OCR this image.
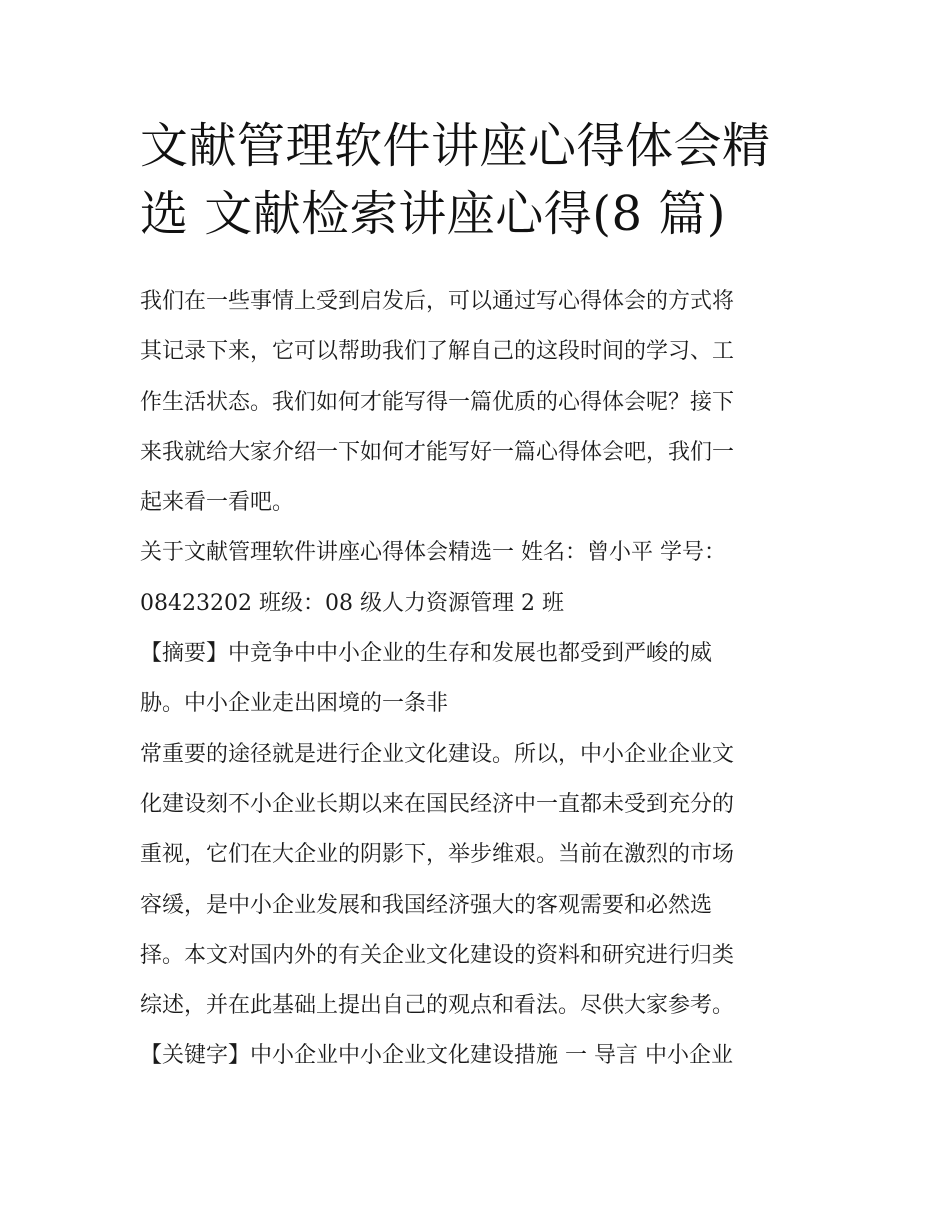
文献管理软件讲座心得体会精
选 文献检索讲座心得(8 篇)
我们在一些事情上受到启发后，可以通过写心得体会的方式将
其记录下来，它可以帮助我们了解自己的这段时间的学习、工
作生活状态。我们如何才能写得一篇优质的心得体会呢？接下
来我就给大家介绍一下如何才能写好一篇心得体会吧，我们一
起来看一看吧。
关于文献管理软件讲座心得体会精选一 姓名：曾小平 学号：
08423202 班级：08 级人力资源管理 2 班
【摘要】中竞争中中小企业的生存和发展也都受到严峻的威
胁。中小企业走出困境的一条非
常重要的途径就是进行企业文化建设。所以，中小企业企业文
化建设刻不小企业长期以来在国民经济中一直都未受到充分的
重视，它们在大企业的阴影下，举步维艰。当前在激烈的市场
容缓，是中小企业发展和我国经济强大的客观需要和必然选
择。本文对国内外的有关企业文化建设的资料和研究进行归类
综述，并在此基础上提出自己的观点和看法。尽供大家参考。
【关键字】中小企业中小企业文化建设措施 一 导言 中小企业
